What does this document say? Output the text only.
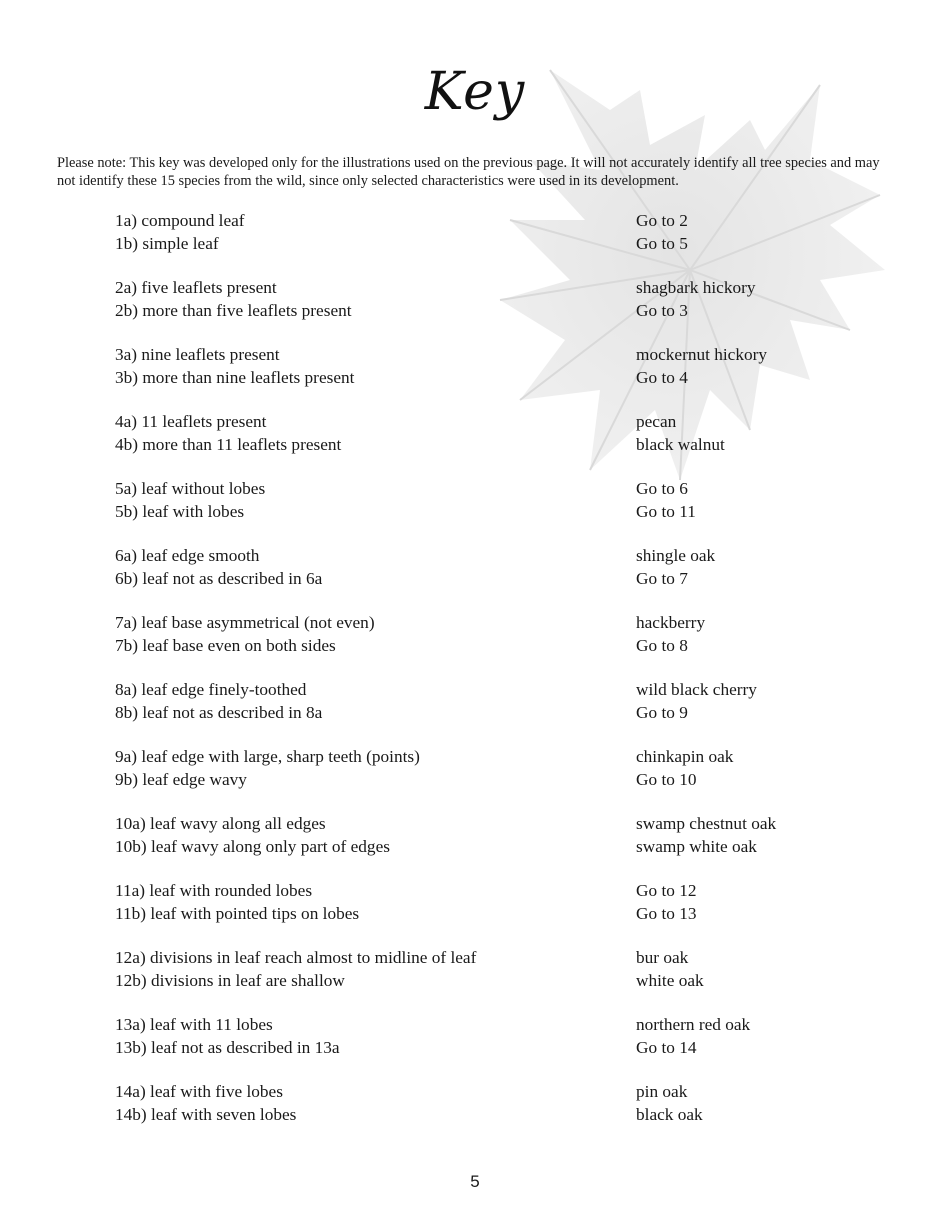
Key

Please note: This key was developed only for the illustrations used on the previous page. It will not accurately identify all tree species and may not identify these 15 species from the wild, since only selected characteristics were used in its development.

1a) compound leaf	Go to 2
1b) simple leaf	Go to 5
2a) five leaflets present	shagbark hickory
2b) more than five leaflets present	Go to 3
3a) nine leaflets present	mockernut hickory
3b) more than nine leaflets present	Go to 4
4a) 11 leaflets present	pecan
4b) more than 11 leaflets present	black walnut
5a) leaf without lobes	Go to 6
5b) leaf with lobes	Go to 11
6a) leaf edge smooth	shingle oak
6b) leaf not as described in 6a	Go to 7
7a) leaf base asymmetrical (not even)	hackberry
7b) leaf base even on both sides	Go to 8
8a) leaf edge finely-toothed	wild black cherry
8b) leaf not as described in 8a	Go to 9
9a) leaf edge with large, sharp teeth (points)	chinkapin oak
9b) leaf edge wavy	Go to 10
10a) leaf wavy along all edges	swamp chestnut oak
10b) leaf wavy along only part of edges	swamp white oak
11a) leaf with rounded lobes	Go to 12
11b) leaf with pointed tips on lobes	Go to 13
12a) divisions in leaf reach almost to midline of leaf	bur oak
12b) divisions in leaf are shallow	white oak
13a) leaf with 11 lobes	northern red oak
13b) leaf not as described in 13a	Go to 14
14a) leaf with five lobes	pin oak
14b) leaf with seven lobes	black oak
5
